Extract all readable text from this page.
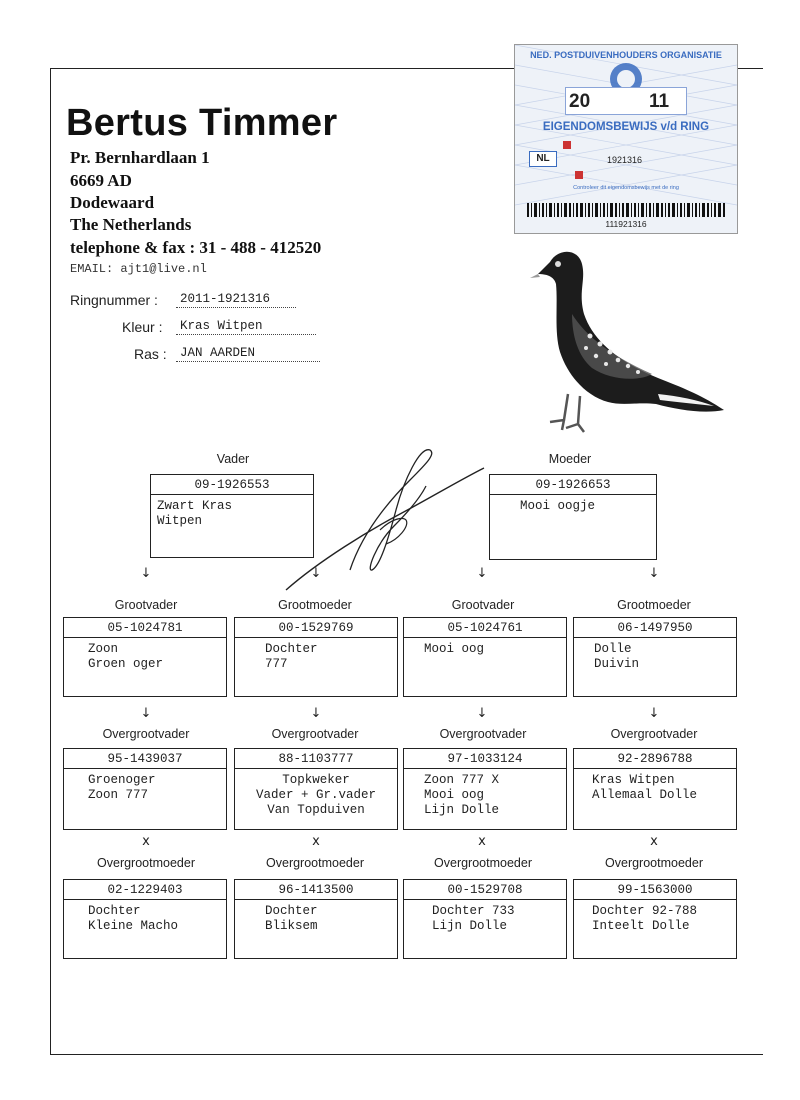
Bertus Timmer
Pr. Bernhardlaan 1
6669 AD
Dodewaard
The Netherlands
telephone & fax : 31 - 488 - 412520
EMAIL: ajt1@live.nl
Ringnummer :	2011-1921316
Kleur :	Kras Witpen
Ras :	JAN AARDEN
NED. POSTDUIVENHOUDERS ORGANISATIE
20	11
EIGENDOMSBEWIJS v/d RING
NL	1921316
Controleer dit eigendomsbewijs met de ring
111921316
Vader
09-1926553
Zwart Kras
Witpen
Moeder
09-1926653
Mooi oogje
↓	↓	↓	↓
Grootvader
05-1024781
Zoon
Groen oger
Grootmoeder
00-1529769
Dochter
777
Grootvader
05-1024761
Mooi oog
Grootmoeder
06-1497950
Dolle
Duivin
↓	↓	↓	↓
Overgrootvader
95-1439037
Groenoger
Zoon 777
Overgrootvader
88-1103777
Topkweker
Vader + Gr.vader
Van Topduiven
Overgrootvader
97-1033124
Zoon 777 X
Mooi oog
Lijn Dolle
Overgrootvader
92-2896788
Kras Witpen
Allemaal Dolle
x	x	x	x
Overgrootmoeder
02-1229403
Dochter
Kleine Macho
Overgrootmoeder
96-1413500
Dochter
Bliksem
Overgrootmoeder
00-1529708
Dochter 733
Lijn Dolle
Overgrootmoeder
99-1563000
Dochter 92-788
Inteelt Dolle
